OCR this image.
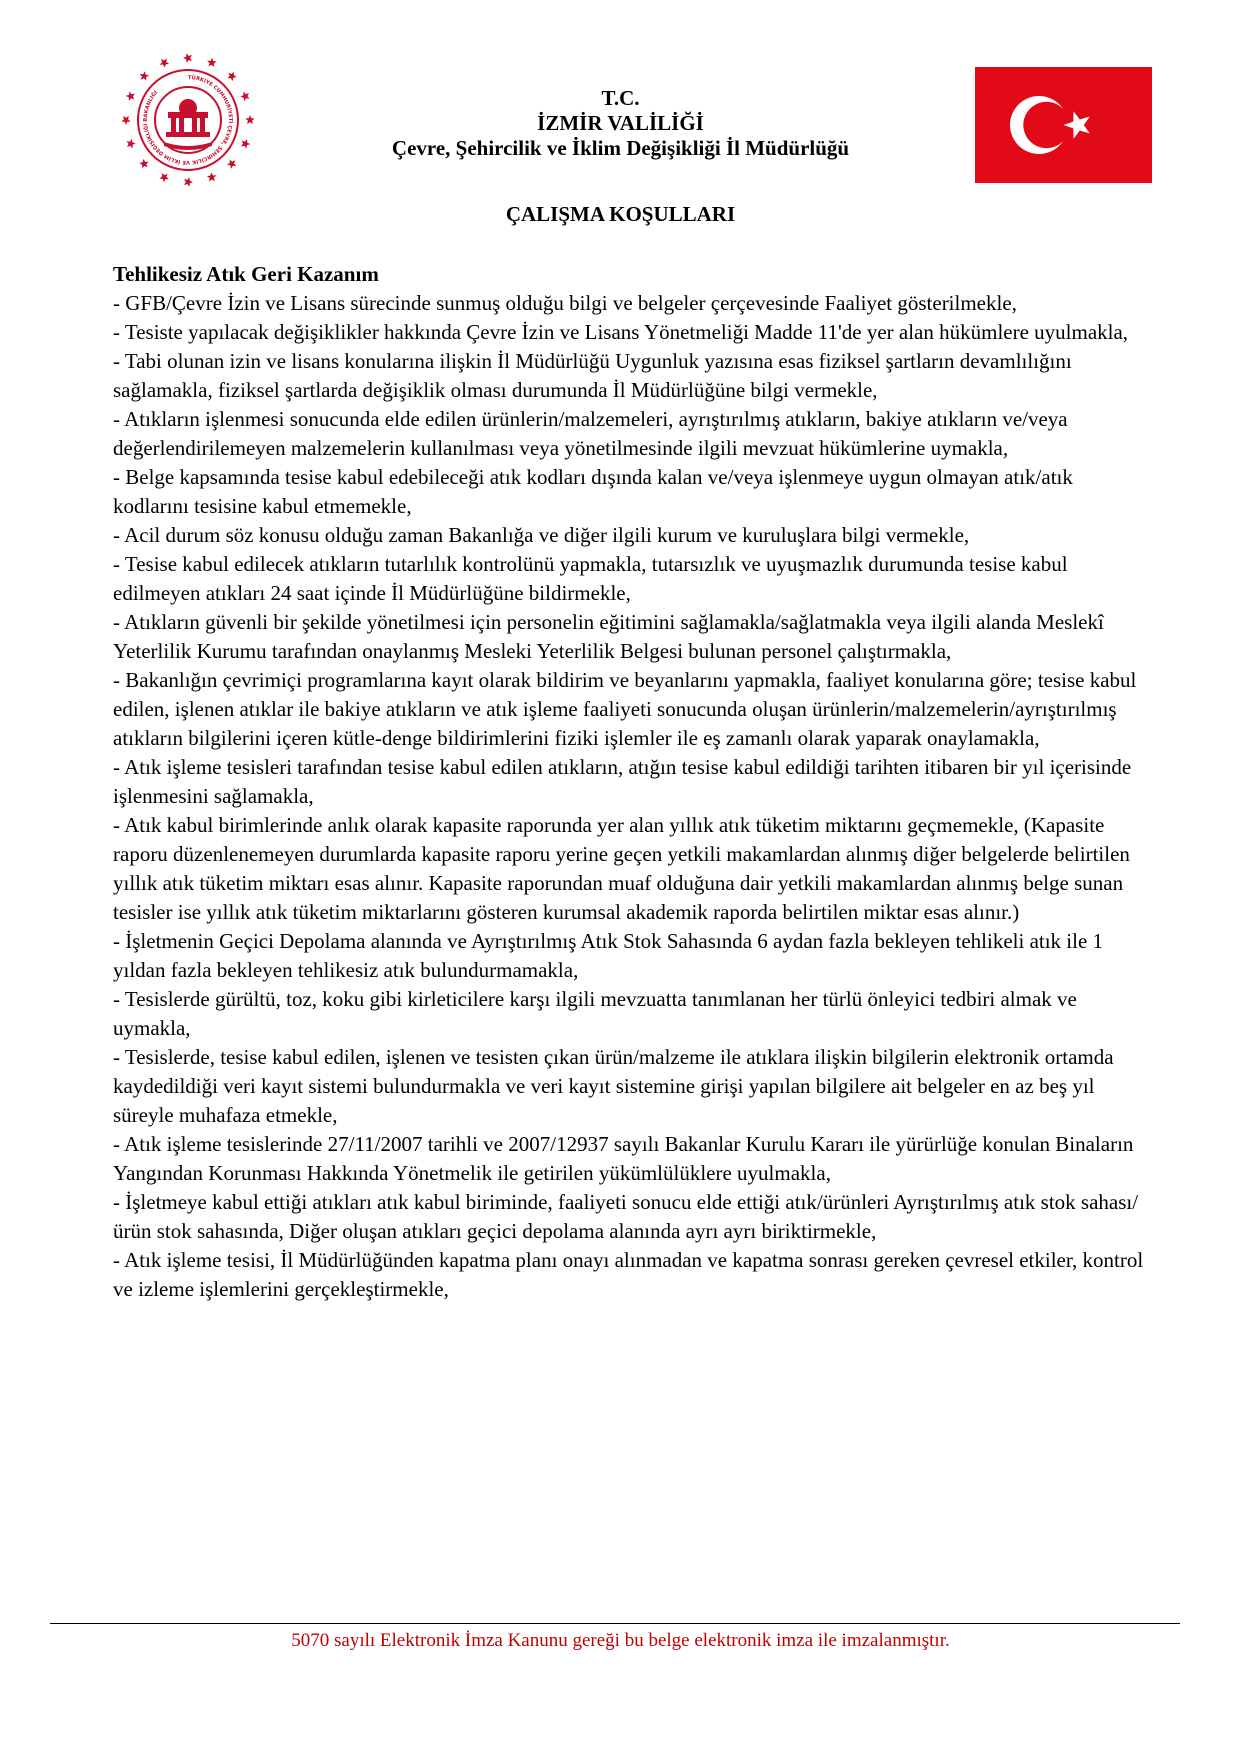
TÜRKİYE CUMHURİYETİ ÇEVRE, ŞEHİRCİLİK VE İKLİM DEĞİŞİKLİĞİ BAKANLIĞI	T.C.
İZMİR VALİLİĞİ
Çevre, Şehircilik ve İklim Değişikliği İl Müdürlüğü
ÇALIŞMA KOŞULLARI
Tehlikesiz Atık Geri Kazanım

- GFB/Çevre İzin ve Lisans sürecinde sunmuş olduğu bilgi ve belgeler çerçevesinde Faaliyet gösterilmekle,

- Tesiste yapılacak değişiklikler hakkında Çevre İzin ve Lisans Yönetmeliği Madde 11'de yer alan hükümlere uyulmakla,

- Tabi olunan izin ve lisans konularına ilişkin İl Müdürlüğü Uygunluk yazısına esas fiziksel şartların devamlılığını sağlamakla, fiziksel şartlarda değişiklik olması durumunda İl Müdürlüğüne bilgi vermekle,

- Atıkların işlenmesi sonucunda elde edilen ürünlerin/malzemeleri, ayrıştırılmış atıkların, bakiye atıkların ve/veya değerlendirilemeyen malzemelerin kullanılması veya yönetilmesinde ilgili mevzuat hükümlerine uymakla,

- Belge kapsamında tesise kabul edebileceği atık kodları dışında kalan ve/veya işlenmeye uygun olmayan atık/atık kodlarını tesisine kabul etmemekle,

- Acil durum söz konusu olduğu zaman Bakanlığa ve diğer ilgili kurum ve kuruluşlara bilgi vermekle,

- Tesise kabul edilecek atıkların tutarlılık kontrolünü yapmakla, tutarsızlık ve uyuşmazlık durumunda tesise kabul edilmeyen atıkları 24 saat içinde İl Müdürlüğüne bildirmekle,

- Atıkların güvenli bir şekilde yönetilmesi için personelin eğitimini sağlamakla/sağlatmakla veya ilgili alanda Meslekî Yeterlilik Kurumu tarafından onaylanmış Mesleki Yeterlilik Belgesi bulunan personel çalıştırmakla,

- Bakanlığın çevrimiçi programlarına kayıt olarak bildirim ve beyanlarını yapmakla, faaliyet konularına göre; tesise kabul edilen, işlenen atıklar ile bakiye atıkların ve atık işleme faaliyeti sonucunda oluşan ürünlerin/malzemelerin/ayrıştırılmış atıkların bilgilerini içeren kütle-denge bildirimlerini fiziki işlemler ile eş zamanlı olarak yaparak onaylamakla,

- Atık işleme tesisleri tarafından tesise kabul edilen atıkların, atığın tesise kabul edildiği tarihten itibaren bir yıl içerisinde işlenmesini sağlamakla,

- Atık kabul birimlerinde anlık olarak kapasite raporunda yer alan yıllık atık tüketim miktarını geçmemekle, (Kapasite raporu düzenlenemeyen durumlarda kapasite raporu yerine geçen yetkili makamlardan alınmış diğer belgelerde belirtilen yıllık atık tüketim miktarı esas alınır. Kapasite raporundan muaf olduğuna dair yetkili makamlardan alınmış belge sunan tesisler ise yıllık atık tüketim miktarlarını gösteren kurumsal akademik raporda belirtilen miktar esas alınır.)

- İşletmenin Geçici Depolama alanında ve Ayrıştırılmış Atık Stok Sahasında 6 aydan fazla bekleyen tehlikeli atık ile 1 yıldan fazla bekleyen tehlikesiz atık bulundurmamakla,

- Tesislerde gürültü, toz, koku gibi kirleticilere karşı ilgili mevzuatta tanımlanan her türlü önleyici tedbiri almak ve uymakla,

- Tesislerde, tesise kabul edilen, işlenen ve tesisten çıkan ürün/malzeme ile atıklara ilişkin bilgilerin elektronik ortamda kaydedildiği veri kayıt sistemi bulundurmakla ve veri kayıt sistemine girişi yapılan bilgilere ait belgeler en az beş yıl süreyle muhafaza etmekle,

- Atık işleme tesislerinde 27/11/2007 tarihli ve 2007/12937 sayılı Bakanlar Kurulu Kararı ile yürürlüğe konulan Binaların Yangından Korunması Hakkında Yönetmelik ile getirilen yükümlülüklere uyulmakla,

- İşletmeye kabul ettiği atıkları atık kabul biriminde, faaliyeti sonucu elde ettiği atık/ürünleri Ayrıştırılmış atık stok sahası/ürün stok sahasında, Diğer oluşan atıkları geçici depolama alanında ayrı ayrı biriktirmekle,

- Atık işleme tesisi, İl Müdürlüğünden kapatma planı onayı alınmadan ve kapatma sonrası gereken çevresel etkiler, kontrol ve izleme işlemlerini gerçekleştirmekle,

5070 sayılı Elektronik İmza Kanunu gereği bu belge elektronik imza ile imzalanmıştır.
